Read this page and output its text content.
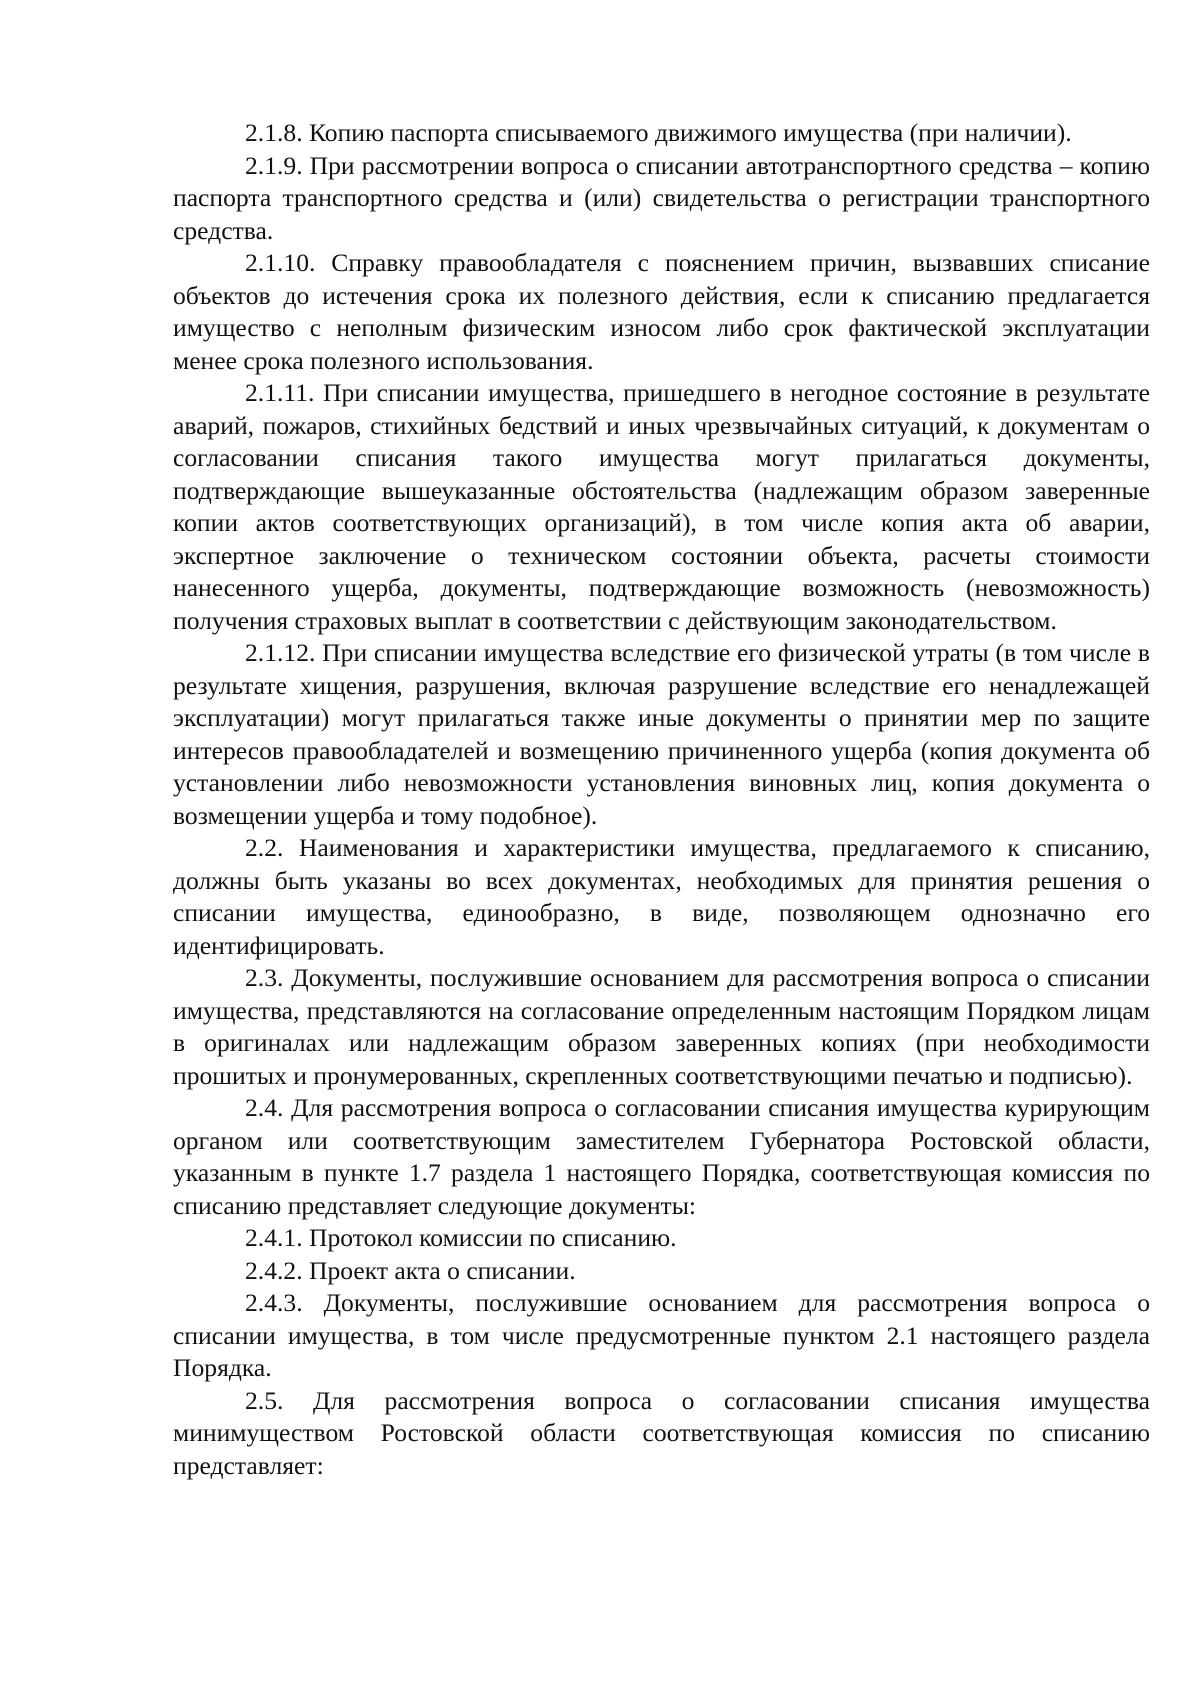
2.1.8. Копию паспорта списываемого движимого имущества (при наличии).

2.1.9. При рассмотрении вопроса о списании автотранспортного средства – копию паспорта транспортного средства и (или) свидетельства о регистрации транспортного средства.

2.1.10. Справку правообладателя с пояснением причин, вызвавших списание объектов до истечения срока их полезного действия, если к списанию предлагается имущество с неполным физическим износом либо срок фактической эксплуатации менее срока полезного использования.

2.1.11. При списании имущества, пришедшего в негодное состояние в результате аварий, пожаров, стихийных бедствий и иных чрезвычайных ситуаций, к документам о согласовании списания такого имущества могут прилагаться документы, подтверждающие вышеуказанные обстоятельства (надлежащим образом заверенные копии актов соответствующих организаций), в том числе копия акта об аварии, экспертное заключение о техническом состоянии объекта, расчеты стоимости нанесенного ущерба, документы, подтверждающие возможность (невозможность) получения страховых выплат в соответствии с действующим законодательством.

2.1.12. При списании имущества вследствие его физической утраты (в том числе в результате хищения, разрушения, включая разрушение вследствие его ненадлежащей эксплуатации) могут прилагаться также иные документы о принятии мер по защите интересов правообладателей и возмещению причиненного ущерба (копия документа об установлении либо невозможности установления виновных лиц, копия документа о возмещении ущерба и тому подобное).

2.2. Наименования и характеристики имущества, предлагаемого к списанию, должны быть указаны во всех документах, необходимых для принятия решения о списании имущества, единообразно, в виде, позволяющем однозначно его идентифицировать.

2.3. Документы, послужившие основанием для рассмотрения вопроса о списании имущества, представляются на согласование определенным настоящим Порядком лицам в оригиналах или надлежащим образом заверенных копиях (при необходимости прошитых и пронумерованных, скрепленных соответствующими печатью и подписью).

2.4. Для рассмотрения вопроса о согласовании списания имущества курирующим органом или соответствующим заместителем Губернатора Ростовской области, указанным в пункте 1.7 раздела 1 настоящего Порядка, соответствующая комиссия по списанию представляет следующие документы:

2.4.1. Протокол комиссии по списанию.

2.4.2. Проект акта о списании.

2.4.3. Документы, послужившие основанием для рассмотрения вопроса о списании имущества, в том числе предусмотренные пунктом 2.1 настоящего раздела Порядка.

2.5. Для рассмотрения вопроса о согласовании списания имущества минимуществом Ростовской области соответствующая комиссия по списанию представляет:
